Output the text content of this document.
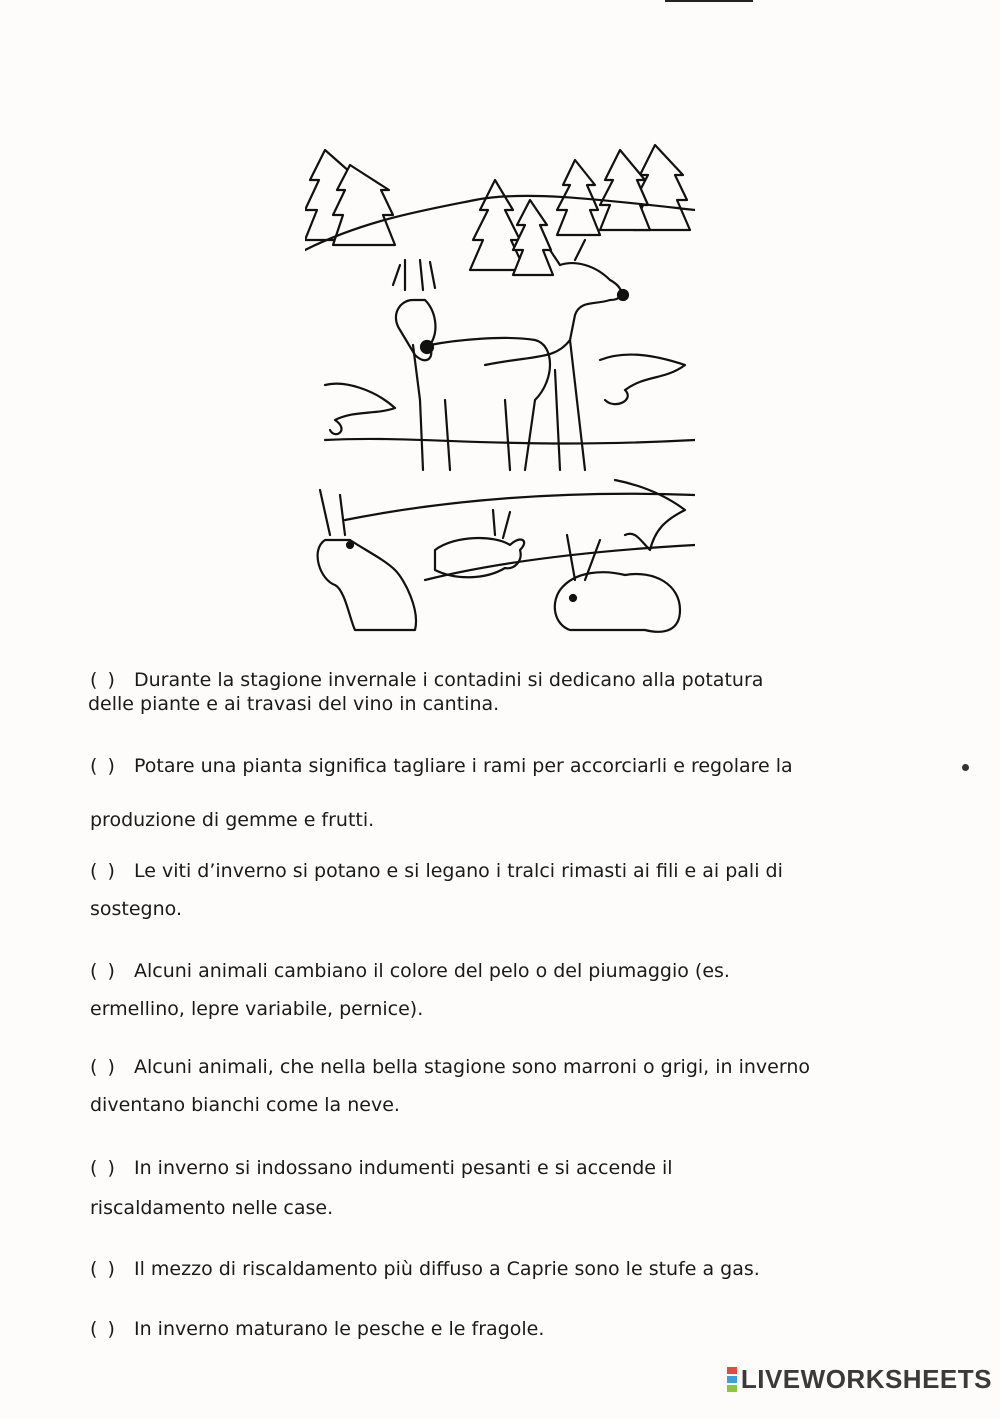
( ) Durante la stagione invernale i contadini si dedicano alla potatura
delle piante e ai travasi del vino in cantina.
( ) Potare una pianta significa tagliare i rami per accorciarli e regolare la
produzione di gemme e frutti.
( ) Le viti d’inverno si potano e si legano i tralci rimasti ai fili e ai pali di
sostegno.
( ) Alcuni animali cambiano il colore del pelo o del piumaggio (es.
ermellino, lepre variabile, pernice).
( ) Alcuni animali, che nella bella stagione sono marroni o grigi, in inverno
diventano bianchi come la neve.
( ) In inverno si indossano indumenti pesanti e si accende il
riscaldamento nelle case.
( ) Il mezzo di riscaldamento più diffuso a Caprie sono le stufe a gas.
( ) In inverno maturano le pesche e le fragole.
LIVEWORKSHEETS
